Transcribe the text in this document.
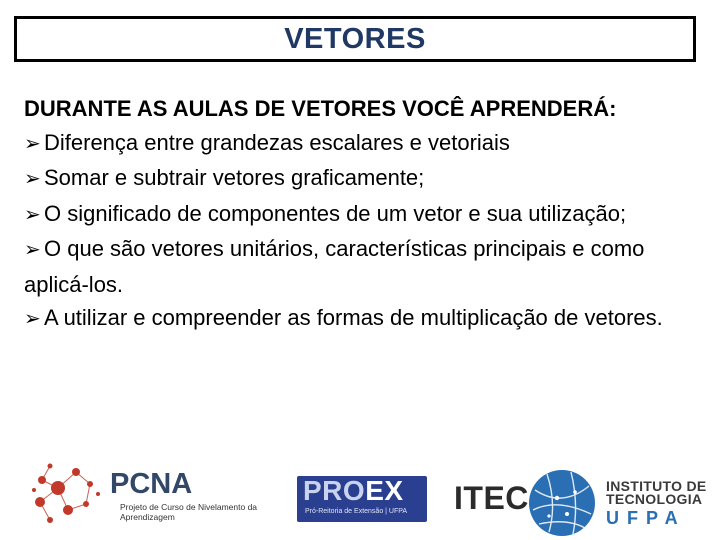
VETORES
DURANTE AS AULAS DE VETORES VOCÊ APRENDERÁ:
➢ Diferença entre grandezas escalares e vetoriais
➢ Somar e subtrair vetores graficamente;
➢ O significado de componentes de um vetor e sua utilização;
➢ O que são vetores unitários, características principais e como aplicá-los.
➢ A utilizar e compreender as formas de multiplicação de vetores.
PCNA
Projeto de Curso de Nivelamento da Aprendizagem
PROEX
Pró-Reitoria de Extensão | UFPA ITEC	INSTITUTO DE
TECNOLOGIA
UFPA
